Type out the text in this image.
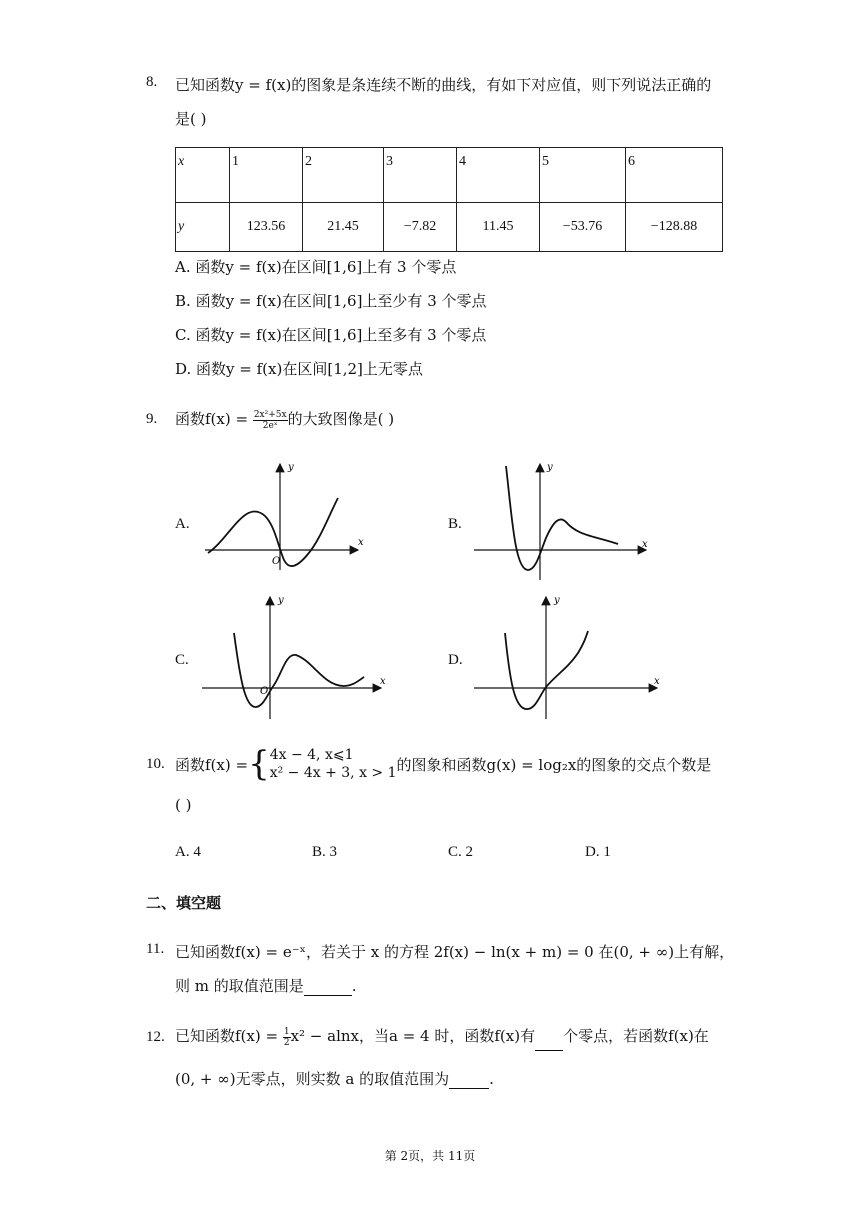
8. 已知函数y = f(x)的图象是条连续不断的曲线，有如下对应值，则下列说法正确的
是( )
x	1	2	3	4	5	6
y	123.56	21.45	−7.82	11.45	−53.76	−128.88
A. 函数y = f(x)在区间[1,6]上有 3 个零点
B. 函数y = f(x)在区间[1,6]上至少有 3 个零点
C. 函数y = f(x)在区间[1,6]上至多有 3 个零点
D. 函数y = f(x)在区间[1,2]上无零点
9. 函数$f(x) = \frac{\text{2x²+5x}}{\text{2eˣ}}$ 的大致图像是( )
A.	B.
C.	D.
y
x
O
y
x
y
x
O
y
x
10. 函数f(x) = { 4x − 4, x⩽1
x² − 4x + 3, x > 1 的图象和函数g(x) = log₂x的图象的交点个数是
( )
A. 4	B. 3	C. 2	D. 1
二、填空题
11. 已知函数f(x) = e⁻ˣ，若关于 x 的方程 2f(x) − ln(x + m) = 0 在(0, + ∞)上有解，
则 m 的取值范围是	.
12. 已知函数$f(x) = \frac{1}{2} x^2 - alnx$，当a = 4 时，函数f(x)有 个零点，若函数f(x)在
(0, + ∞)无零点，则实数 a 的取值范围为	.
第 2页，共 11页
